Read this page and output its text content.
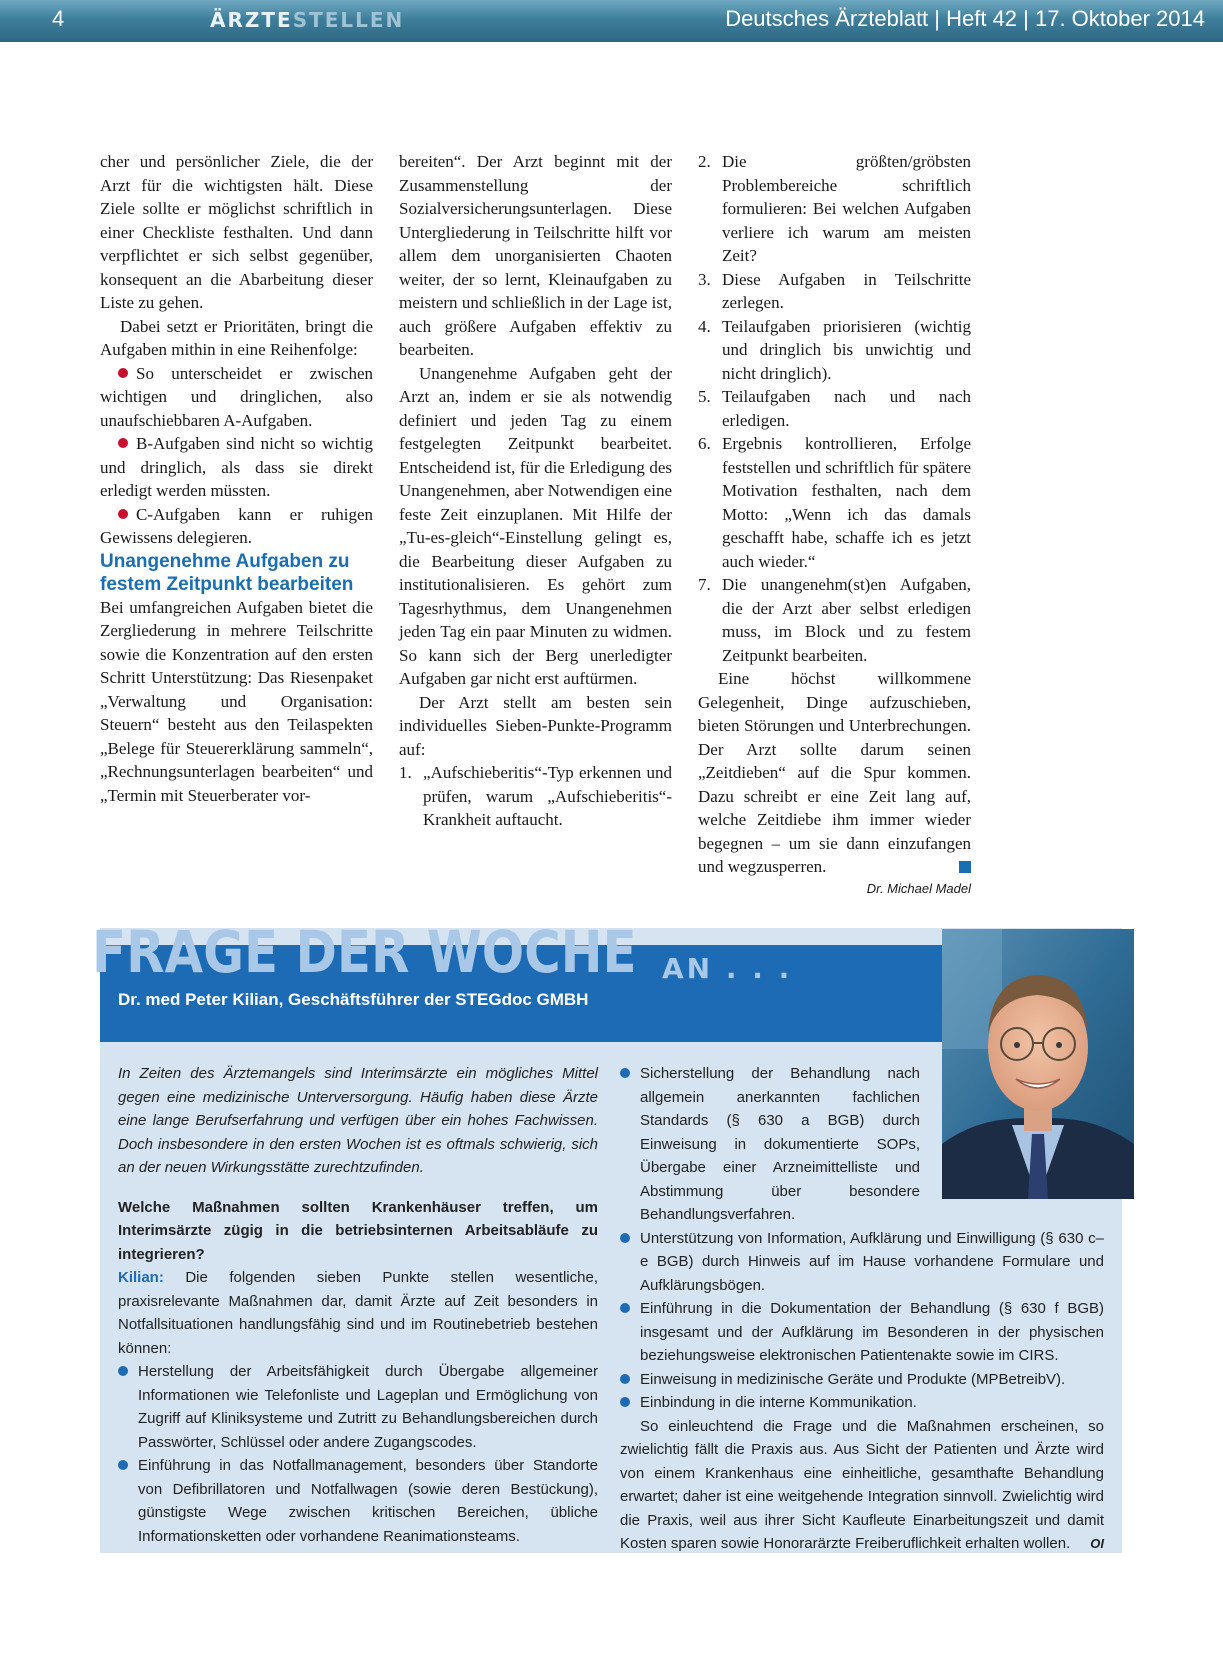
4	ÄRZTESTELLEN	Deutsches Ärzteblatt | Heft 42 | 17. Oktober 2014

cher und persönlicher Ziele, die der Arzt für die wichtigsten hält. Diese Ziele sollte er möglichst schriftlich in einer Checkliste festhalten. Und dann verpflichtet er sich selbst gegenüber, konsequent an die Abarbeitung dieser Liste zu gehen.

Dabei setzt er Prioritäten, bringt die Aufgaben mithin in eine Reihenfolge:

So unterscheidet er zwischen wichtigen und dringlichen, also unaufschiebbaren A-Aufgaben.

B-Aufgaben sind nicht so wichtig und dringlich, als dass sie direkt erledigt werden müssten.

C-Aufgaben kann er ruhigen Gewissens delegieren.

Unangenehme Aufgaben zu festem Zeitpunkt bearbeiten

Bei umfangreichen Aufgaben bietet die Zergliederung in mehrere Teilschritte sowie die Konzentration auf den ersten Schritt Unterstützung: Das Riesenpaket „Verwaltung und Organisation: Steuern“ besteht aus den Teilaspekten „Belege für Steuererklärung sammeln“, „Rechnungsunterlagen bearbeiten“ und „Termin mit Steuerberater vor-

bereiten“. Der Arzt beginnt mit der Zusammenstellung der Sozialversicherungsunterlagen. Diese Untergliederung in Teilschritte hilft vor allem dem unorganisierten Chaoten weiter, der so lernt, Kleinaufgaben zu meistern und schließlich in der Lage ist, auch größere Aufgaben effektiv zu bearbeiten.

Unangenehme Aufgaben geht der Arzt an, indem er sie als notwendig definiert und jeden Tag zu einem festgelegten Zeitpunkt bearbeitet. Entscheidend ist, für die Erledigung des Unangenehmen, aber Notwendigen eine feste Zeit einzuplanen. Mit Hilfe der „Tu-es-gleich“-Einstellung gelingt es, die Bearbeitung dieser Aufgaben zu institutionalisieren. Es gehört zum Tagesrhythmus, dem Unangenehmen jeden Tag ein paar Minuten zu widmen. So kann sich der Berg unerledigter Aufgaben gar nicht erst auftürmen.

Der Arzt stellt am besten sein individuelles Sieben-Punkte-Programm auf:

1. „Aufschieberitis“-Typ erkennen und prüfen, warum „Aufschieberitis“-Krankheit auftaucht.
2. Die größten/gröbsten Problembereiche schriftlich formulieren: Bei welchen Aufgaben verliere ich warum am meisten Zeit?
3. Diese Aufgaben in Teilschritte zerlegen.
4. Teilaufgaben priorisieren (wichtig und dringlich bis unwichtig und nicht dringlich).
5. Teilaufgaben nach und nach erledigen.
6. Ergebnis kontrollieren, Erfolge feststellen und schriftlich für spätere Motivation festhalten, nach dem Motto: „Wenn ich das damals geschafft habe, schaffe ich es jetzt auch wieder.“
7. Die unangenehm(st)en Aufgaben, die der Arzt aber selbst erledigen muss, im Block und zu festem Zeitpunkt bearbeiten.

Eine höchst willkommene Gelegenheit, Dinge aufzuschieben, bieten Störungen und Unterbrechungen. Der Arzt sollte darum seinen „Zeitdieben“ auf die Spur kommen. Dazu schreibt er eine Zeit lang auf, welche Zeitdiebe ihm immer wieder begegnen – um sie dann einzufangen und wegzusperren.

Dr. Michael Madel

FRAGE DER WOCHE AN . . .
Dr. med Peter Kilian, Geschäftsführer der STEGdoc GMBH

In Zeiten des Ärztemangels sind Interimsärzte ein mögliches Mittel gegen eine medizinische Unterversorgung. Häufig haben diese Ärzte eine lange Berufserfahrung und verfügen über ein hohes Fachwissen. Doch insbesondere in den ersten Wochen ist es oftmals schwierig, sich an der neuen Wirkungsstätte zurechtzufinden.

Welche Maßnahmen sollten Krankenhäuser treffen, um Interimsärzte zügig in die betriebsinternen Arbeitsabläufe zu integrieren?

Kilian: Die folgenden sieben Punkte stellen wesentliche, praxisrelevante Maßnahmen dar, damit Ärzte auf Zeit besonders in Notfallsituationen handlungsfähig sind und im Routinebetrieb bestehen können:

Herstellung der Arbeitsfähigkeit durch Übergabe allgemeiner Informationen wie Telefonliste und Lageplan und Ermöglichung von Zugriff auf Kliniksysteme und Zutritt zu Behandlungsbereichen durch Passwörter, Schlüssel oder andere Zugangscodes.
Einführung in das Notfallmanagement, besonders über Standorte von Defibrillatoren und Notfallwagen (sowie deren Bestückung), günstigste Wege zwischen kritischen Bereichen, übliche Informationsketten oder vorhandene Reanimationsteams.
Sicherstellung der Behandlung nach allgemein anerkannten fachlichen Standards (§ 630 a BGB) durch Einweisung in dokumentierte SOPs, Übergabe einer Arzneimittelliste und Abstimmung über besondere Behandlungsverfahren.
Unterstützung von Information, Aufklärung und Einwilligung (§ 630 c–e BGB) durch Hinweis auf im Hause vorhandene Formulare und Aufklärungsbögen.
Einführung in die Dokumentation der Behandlung (§ 630 f BGB) insgesamt und der Aufklärung im Besonderen in der physischen beziehungsweise elektronischen Patientenakte sowie im CIRS.
Einweisung in medizinische Geräte und Produkte (MPBetreibV).
Einbindung in die interne Kommunikation.

So einleuchtend die Frage und die Maßnahmen erscheinen, so zwielichtig fällt die Praxis aus. Aus Sicht der Patienten und Ärzte wird von einem Krankenhaus eine einheitliche, gesamthafte Behandlung erwartet; daher ist eine weitgehende Integration sinnvoll. Zwielichtig wird die Praxis, weil aus ihrer Sicht Kaufleute Einarbeitungszeit und damit Kosten sparen sowie Honorarärzte Freiberuflichkeit erhalten wollen.	OI
